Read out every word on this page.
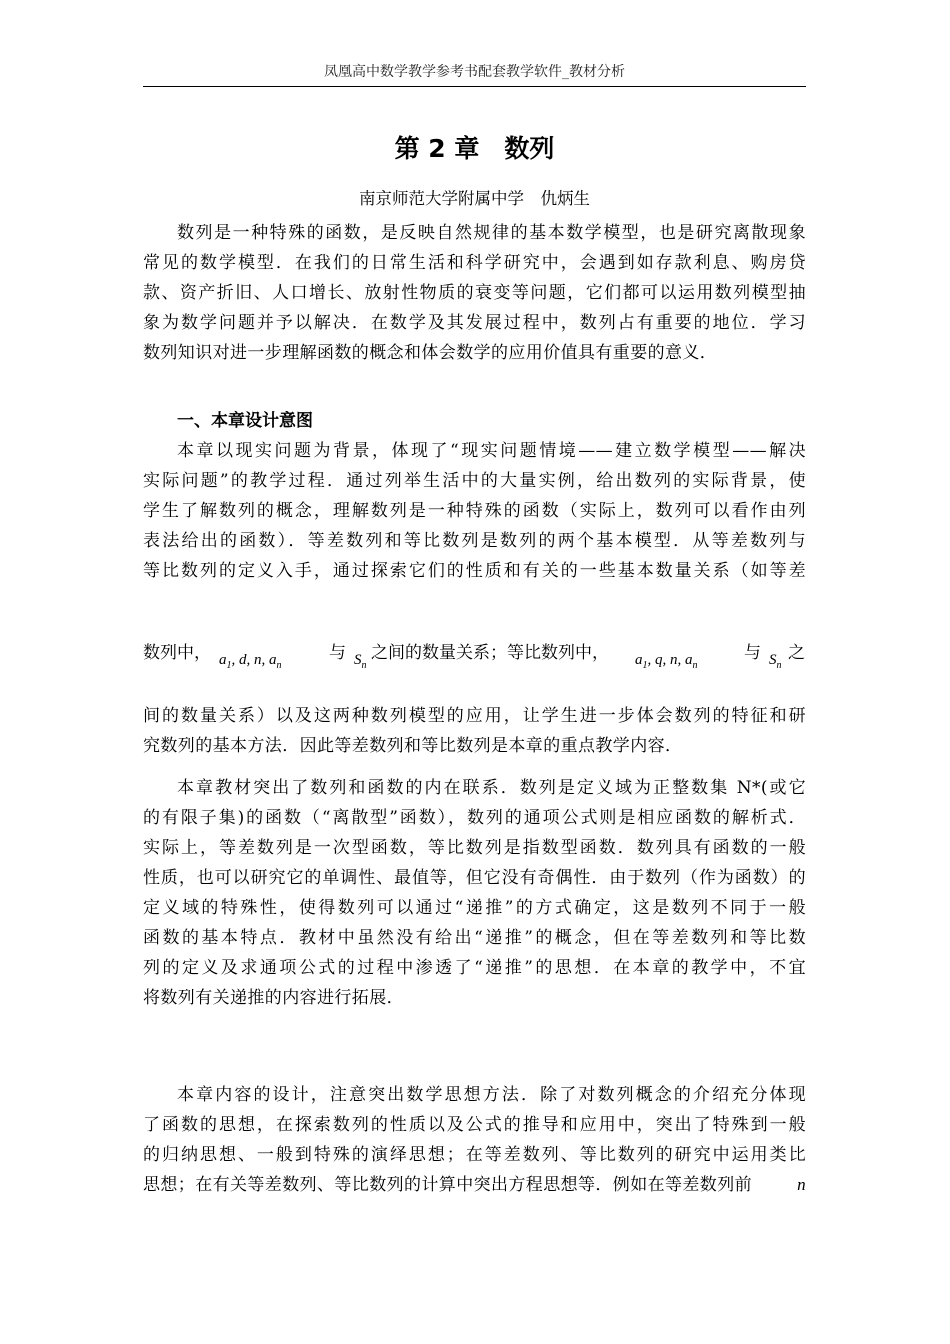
凤凰高中数学教学参考书配套教学软件_教材分析
第 2 章　数列
南京师范大学附属中学　仇炳生
数列是一种特殊的函数，是反映自然规律的基本数学模型，也是研究离散现象
常见的数学模型．在我们的日常生活和科学研究中，会遇到如存款利息、购房贷
款、资产折旧、人口增长、放射性物质的衰变等问题，它们都可以运用数列模型抽
象为数学问题并予以解决．在数学及其发展过程中，数列占有重要的地位．学习
数列知识对进一步理解函数的概念和体会数学的应用价值具有重要的意义．
一、本章设计意图
本章以现实问题为背景，体现了“现实问题情境——建立数学模型——解决
实际问题”的教学过程．通过列举生活中的大量实例，给出数列的实际背景，使
学生了解数列的概念，理解数列是一种特殊的函数（实际上，数列可以看作由列
表法给出的函数）．等差数列和等比数列是数列的两个基本模型．从等差数列与
等比数列的定义入手，通过探索它们的性质和有关的一些基本数量关系（如等差
数列中， $a_1$, d, n, $a_n$
与 $S_n$
之间的数量关系；等比数列中， $a_1$, q, n, $a_n$
与 $S_n$
之
间的数量关系）以及这两种数列模型的应用，让学生进一步体会数列的特征和研
究数列的基本方法．因此等差数列和等比数列是本章的重点教学内容．
本章教材突出了数列和函数的内在联系．数列是定义域为正整数集 N*(或它
的有限子集)的函数（“离散型”函数），数列的通项公式则是相应函数的解析式．
实际上，等差数列是一次型函数，等比数列是指数型函数．数列具有函数的一般
性质，也可以研究它的单调性、最值等，但它没有奇偶性．由于数列（作为函数）的
定义域的特殊性，使得数列可以通过“递推”的方式确定，这是数列不同于一般
函数的基本特点．教材中虽然没有给出“递推”的概念，但在等差数列和等比数
列的定义及求通项公式的过程中渗透了“递推”的思想．在本章的教学中，不宜
将数列有关递推的内容进行拓展．
本章内容的设计，注意突出数学思想方法．除了对数列概念的介绍充分体现
了函数的思想，在探索数列的性质以及公式的推导和应用中，突出了特殊到一般
的归纳思想、一般到特殊的演绎思想；在等差数列、等比数列的研究中运用类比
思想；在有关等差数列、等比数列的计算中突出方程思想等．例如在等差数列前	n
